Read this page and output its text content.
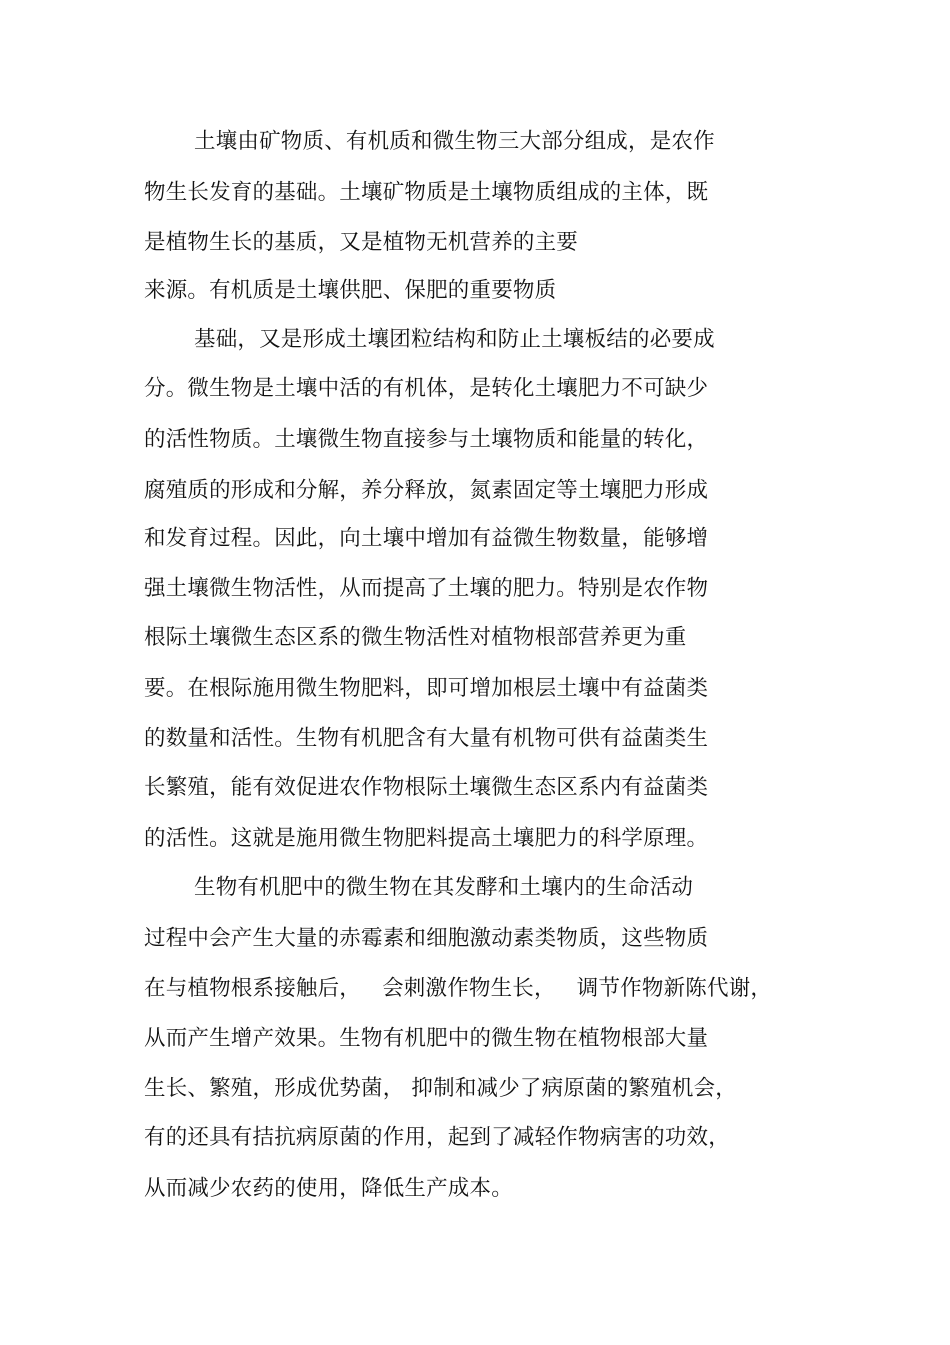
土壤由矿物质、有机质和微生物三大部分组成，是农作
物生长发育的基础。土壤矿物质是土壤物质组成的主体，既
是植物生长的基质，又是植物无机营养的主要
来源。有机质是土壤供肥、保肥的重要物质
基础，又是形成土壤团粒结构和防止土壤板结的必要成
分。微生物是土壤中活的有机体，是转化土壤肥力不可缺少
的活性物质。土壤微生物直接参与土壤物质和能量的转化，
腐殖质的形成和分解，养分释放，氮素固定等土壤肥力形成
和发育过程。因此，向土壤中增加有益微生物数量，能够增
强土壤微生物活性，从而提高了土壤的肥力。特别是农作物
根际土壤微生态区系的微生物活性对植物根部营养更为重
要。在根际施用微生物肥料，即可增加根层土壤中有益菌类
的数量和活性。生物有机肥含有大量有机物可供有益菌类生
长繁殖，能有效促进农作物根际土壤微生态区系内有益菌类
的活性。这就是施用微生物肥料提高土壤肥力的科学原理。
生物有机肥中的微生物在其发酵和土壤内的生命活动
过程中会产生大量的赤霉素和细胞激动素类物质，这些物质
在与植物根系接触后，   会刺激作物生长，   调节作物新陈代谢，
从而产生增产效果。生物有机肥中的微生物在植物根部大量
生长、繁殖，形成优势菌， 抑制和减少了病原菌的繁殖机会，
有的还具有拮抗病原菌的作用，起到了减轻作物病害的功效，
从而减少农药的使用，降低生产成本。
